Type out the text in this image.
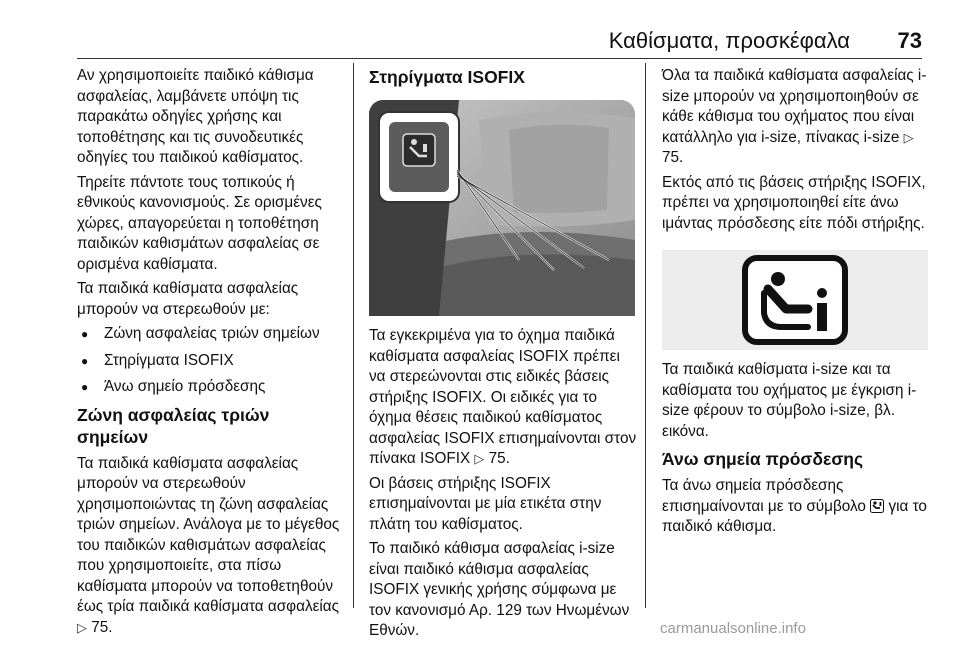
Καθίσματα, προσκέφαλα 73

Αν χρησιμοποιείτε παιδικό κάθισμα ασφαλείας, λαμβάνετε υπόψη τις παρακάτω οδηγίες χρήσης και τοποθέτησης και τις συνοδευτικές οδηγίες του παιδικού καθίσματος.

Τηρείτε πάντοτε τους τοπικούς ή εθνικούς κανονισμούς. Σε ορισμένες χώρες, απαγορεύεται η τοποθέτηση παιδικών καθισμάτων ασφαλείας σε ορισμένα καθίσματα.

Τα παιδικά καθίσματα ασφαλείας μπορούν να στερεωθούν με:

● Ζώνη ασφαλείας τριών σημείων
● Στηρίγματα ISOFIX
● Άνω σημείο πρόσδεσης
Ζώνη ασφαλείας τριών σημείων

Τα παιδικά καθίσματα ασφαλείας μπορούν να στερεωθούν χρησιμοποιώντας τη ζώνη ασφαλείας τριών σημείων. Ανάλογα με το μέγεθος του παιδικών καθισμάτων ασφαλείας που χρησιμοποιείτε, στα πίσω καθίσματα μπορούν να τοποθετηθούν έως τρία παιδικά καθίσματα ασφαλείας ▷ 75.

Στηρίγματα ISOFIX

Τα εγκεκριμένα για το όχημα παιδικά καθίσματα ασφαλείας ISOFIX πρέπει να στερεώνονται στις ειδικές βάσεις στήριξης ISOFIX. Οι ειδικές για το όχημα θέσεις παιδικού καθίσματος ασφαλείας ISOFIX επισημαίνονται στον πίνακα ISOFIX ▷ 75.

Οι βάσεις στήριξης ISOFIX επισημαίνονται με μία ετικέτα στην πλάτη του καθίσματος.

Το παιδικό κάθισμα ασφαλείας i-size είναι παιδικό κάθισμα ασφαλείας ISOFIX γενικής χρήσης σύμφωνα με τον κανονισμό Αρ. 129 των Ηνωμένων Εθνών.

Όλα τα παιδικά καθίσματα ασφαλείας i-size μπορούν να χρησιμοποιηθούν σε κάθε κάθισμα του οχήματος που είναι κατάλληλο για i-size, πίνακας i-size ▷ 75.

Εκτός από τις βάσεις στήριξης ISOFIX, πρέπει να χρησιμοποιηθεί είτε άνω ιμάντας πρόσδεσης είτε πόδι στήριξης.

Τα παιδικά καθίσματα i-size και τα καθίσματα του οχήματος με έγκριση i-size φέρουν το σύμβολο i-size, βλ. εικόνα.

Άνω σημεία πρόσδεσης

Τα άνω σημεία πρόσδεσης επισημαίνονται με το σύμβολο για το παιδικό κάθισμα.

carmanualsonline.info
